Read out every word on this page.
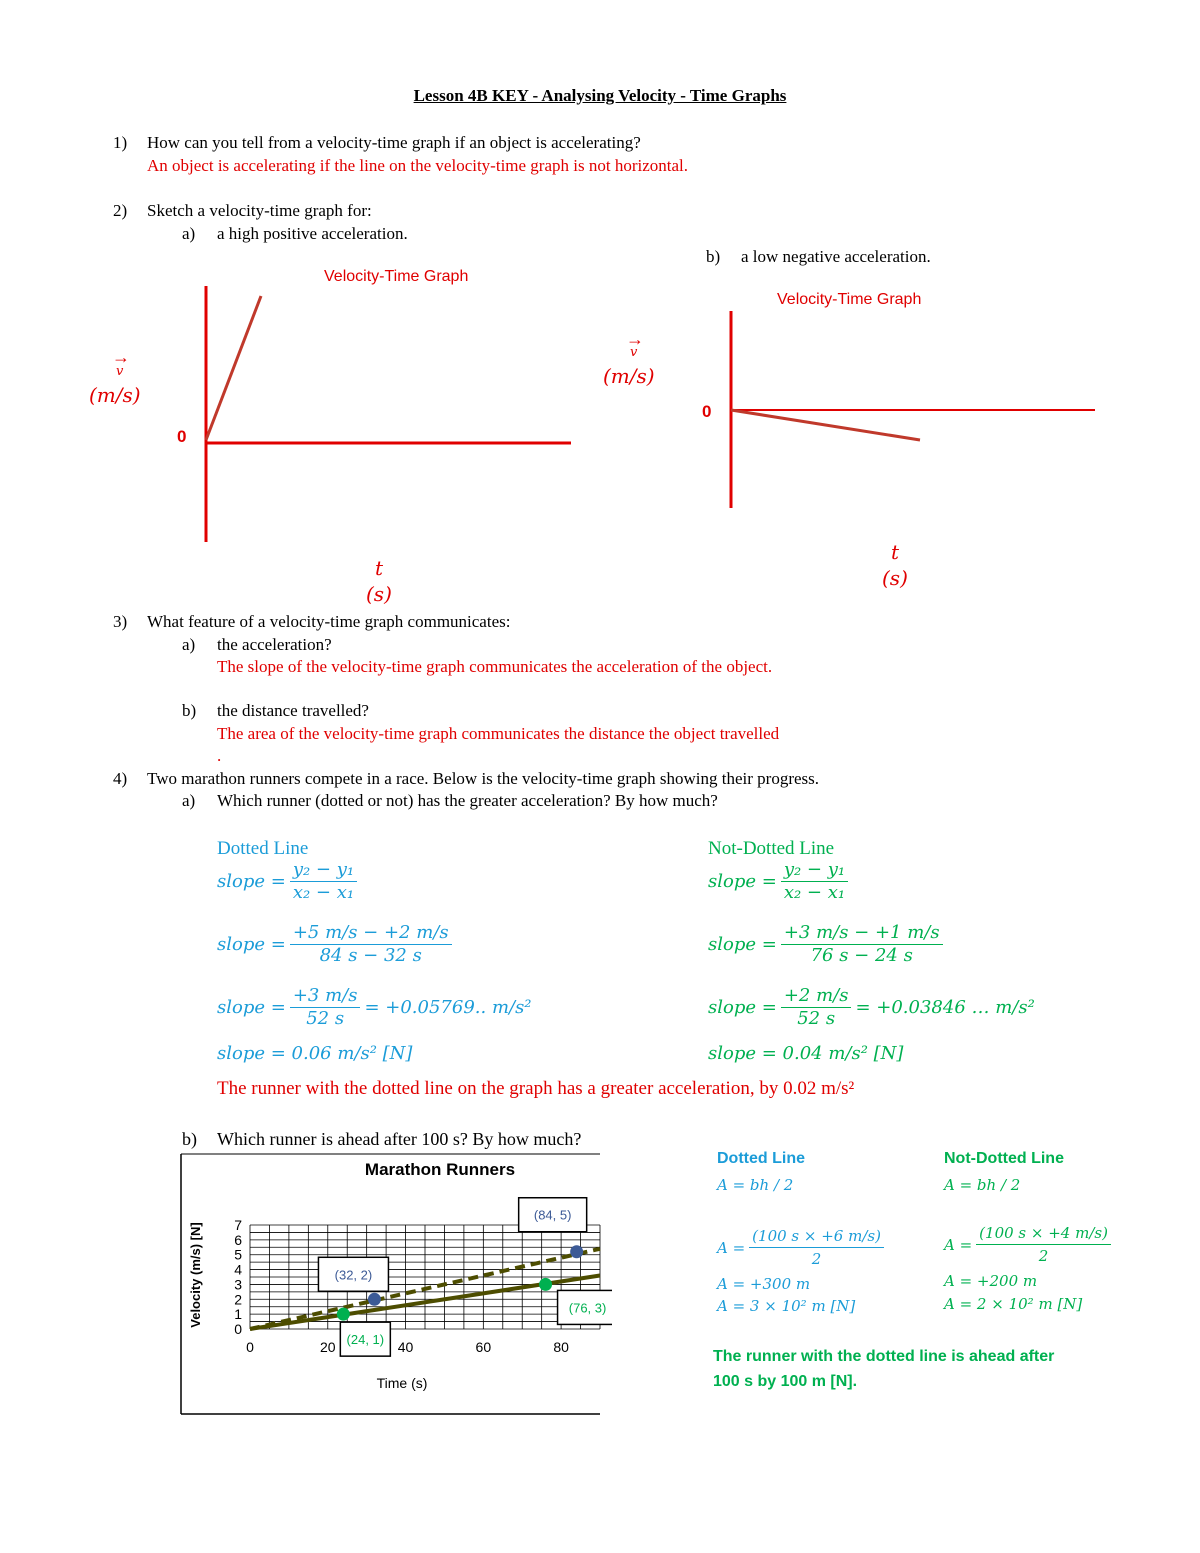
Lesson 4B KEY - Analysing Velocity - Time Graphs
1) How can you tell from a velocity-time graph if an object is accelerating?
An object is accelerating if the line on the velocity-time graph is not horizontal.
2) Sketch a velocity-time graph for:
a) a high positive acceleration.
b) a low negative acceleration.
Velocity-Time Graph
→
v
(m/s)
0
t
(s)
Velocity-Time Graph
→
v
(m/s)
0
t
(s)
3) What feature of a velocity-time graph communicates:
a) the acceleration?
The slope of the velocity-time graph communicates the acceleration of the object.
b) the distance travelled?
The area of the velocity-time graph communicates the distance the object travelled
.
4) Two marathon runners compete in a race. Below is the velocity-time graph showing their progress.
a) Which runner (dotted or not) has the greater acceleration? By how much?
Dotted Line
slope = $\frac{\text{y₂ − y₁}}{\text{x₂ − x₁}}$
slope = $\frac{+5 m/s - +2 m/s}{84 s - 32 s}$
slope = $\frac{+3 m/s}{52 s} = +0.05769$.. m/s²
slope = 0.06 m/s² [N]
Not-Dotted Line
slope = $\frac{\text{y₂ − y₁}}{\text{x₂ − x₁}}$
slope = $\frac{+3 m/s - +1 m/s}{76 s - 24 s}$
slope = $\frac{+2 m/s}{52 s} = +0.03846$ … m/s²
slope = 0.04 m/s² [N]
The runner with the dotted line on the graph has a greater acceleration, by 0.02 m/s²
b) Which runner is ahead after 100 s? By how much?
Marathon Runners
Time (s)
Velocity (m/s) [N]
0	20	40	60	80
0
1
2
3
4
5
6
7
(32, 2)
(84, 5)
(24, 1)
(76, 3)
Dotted Line
A = bh / 2
$A = \frac{(100 s \times +6 m/s)}{2}$
A = +300 m
A = 3 × 10² m [N]
Not-Dotted Line
A = bh / 2
$A = \frac{(100 s \times +4 m/s)}{2}$
A = +200 m
A = 2 × 10² m [N]
The runner with the dotted line is ahead after
100 s by 100 m [N].
